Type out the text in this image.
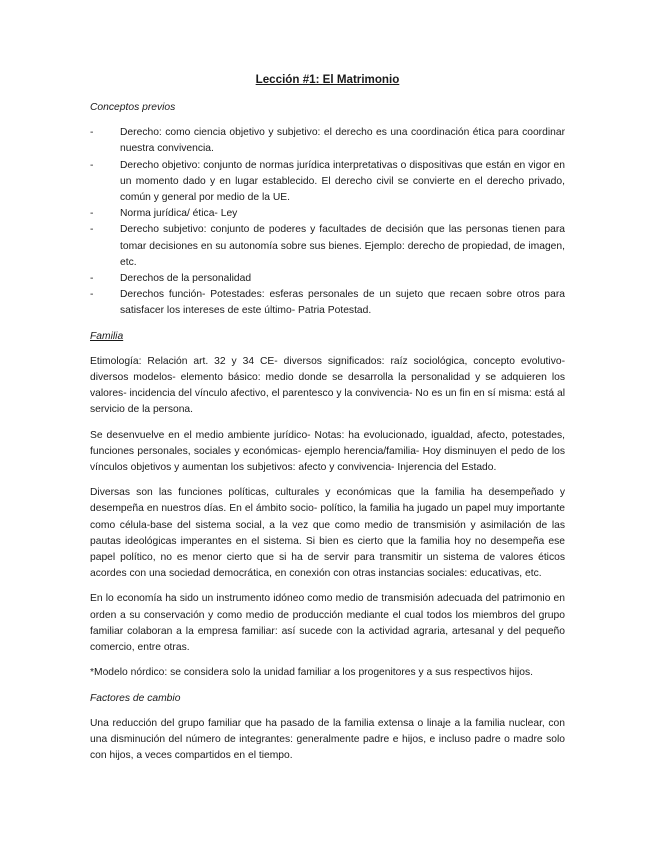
Lección #1: El Matrimonio
Conceptos previos
-	Derecho: como ciencia objetivo y subjetivo: el derecho es una coordinación ética para coordinar nuestra convivencia.
-	Derecho objetivo: conjunto de normas jurídica interpretativas o dispositivas que están en vigor en un momento dado y en lugar establecido. El derecho civil se convierte en el derecho privado, común y general por medio de la UE.
-	Norma jurídica/ ética- Ley
-	Derecho subjetivo: conjunto de poderes y facultades de decisión que las personas tienen para tomar decisiones en su autonomía sobre sus bienes. Ejemplo: derecho de propiedad, de imagen, etc.
-	Derechos de la personalidad
-	Derechos función- Potestades: esferas personales de un sujeto que recaen sobre otros para satisfacer los intereses de este último- Patria Potestad.
Familia

Etimología: Relación art. 32 y 34 CE- diversos significados: raíz sociológica, concepto evolutivo- diversos modelos- elemento básico: medio donde se desarrolla la personalidad y se adquieren los valores- incidencia del vínculo afectivo, el parentesco y la convivencia- No es un fin en sí misma: está al servicio de la persona.

Se desenvuelve en el medio ambiente jurídico- Notas: ha evolucionado, igualdad, afecto, potestades, funciones personales, sociales y económicas- ejemplo herencia/familia- Hoy disminuyen el pedo de los vínculos objetivos y aumentan los subjetivos: afecto y convivencia- Injerencia del Estado.

Diversas son las funciones políticas, culturales y económicas que la familia ha desempeñado y desempeña en nuestros días. En el ámbito socio- político, la familia ha jugado un papel muy importante como célula-base del sistema social, a la vez que como medio de transmisión y asimilación de las pautas ideológicas imperantes en el sistema. Si bien es cierto que la familia hoy no desempeña ese papel político, no es menor cierto que si ha de servir para transmitir un sistema de valores éticos acordes con una sociedad democrática, en conexión con otras instancias sociales: educativas, etc.

En lo economía ha sido un instrumento idóneo como medio de transmisión adecuada del patrimonio en orden a su conservación y como medio de producción mediante el cual todos los miembros del grupo familiar colaboran a la empresa familiar: así sucede con la actividad agraria, artesanal y del pequeño comercio, entre otras.

*Modelo nórdico: se considera solo la unidad familiar a los progenitores y a sus respectivos hijos.

Factores de cambio

Una reducción del grupo familiar que ha pasado de la familia extensa o linaje a la familia nuclear, con una disminución del número de integrantes: generalmente padre e hijos, e incluso padre o madre solo con hijos, a veces compartidos en el tiempo.
